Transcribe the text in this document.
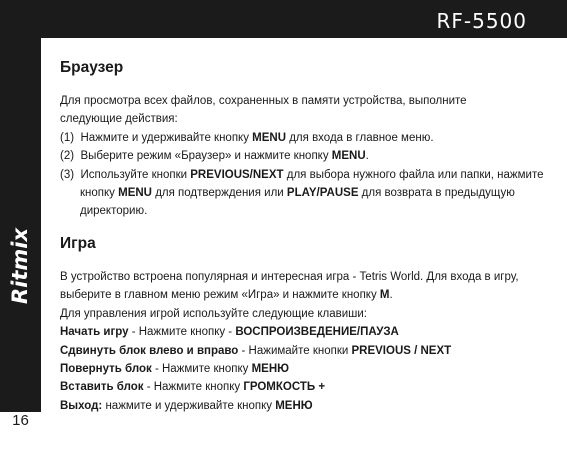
RF-5500
Ritmix
16
Браузер

Для просмотра всех файлов, сохраненных в памяти устройства, выполните следующие действия:

(1) Нажмите и удерживайте кнопку MENU для входа в главное меню.

(2) Выберите режим «Браузер» и нажмите кнопку MENU.

(3) Используйте кнопки PREVIOUS/NEXT для выбора нужного файла или папки, нажмите кнопку MENU для подтверждения или PLAY/PAUSE для возврата в предыдущую директорию.

Игра

В устройство встроена популярная и интересная игра - Tetris World. Для входа в игру, выберите в главном меню режим «Игра» и нажмите кнопку M.

Для управления игрой используйте следующие клавиши:

Начать игру - Нажмите кнопку - ВОСПРОИЗВЕДЕНИЕ/ПАУЗА

Сдвинуть блок влево и вправо - Нажимайте кнопки PREVIOUS / NEXT

Повернуть блок - Нажмите кнопку МЕНЮ

Вставить блок - Нажмите кнопку ГРОМКОСТЬ +

Выход: нажмите и удерживайте кнопку МЕНЮ
